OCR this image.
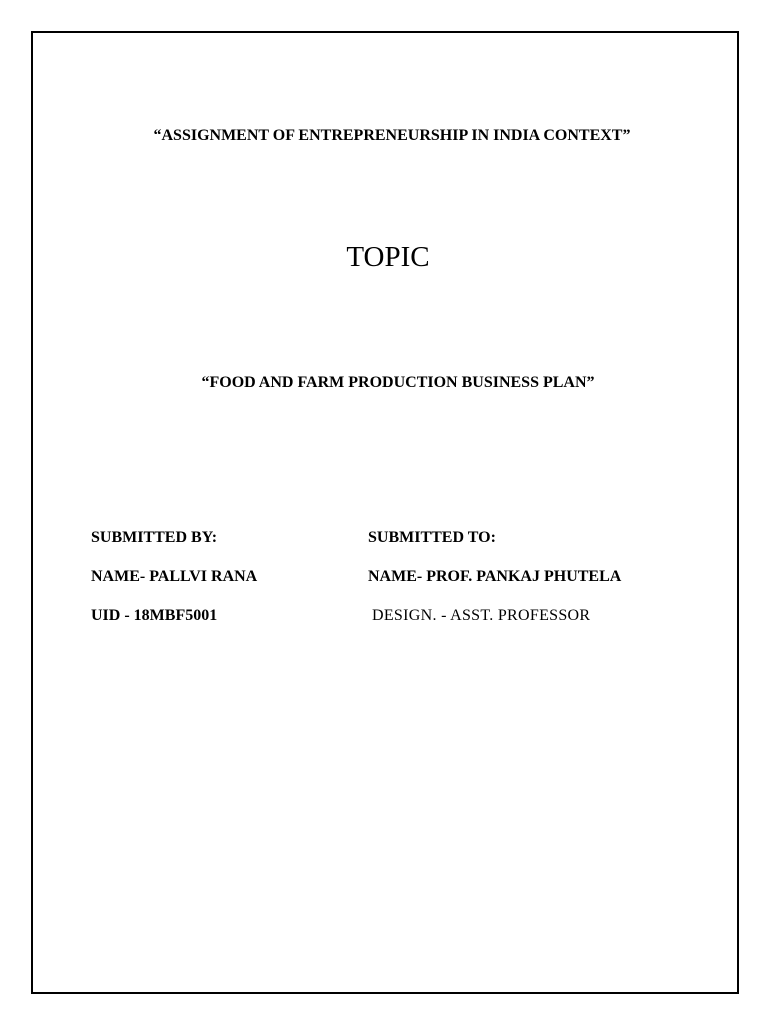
“ASSIGNMENT OF ENTREPRENEURSHIP IN INDIA CONTEXT”
TOPIC
“FOOD AND FARM PRODUCTION BUSINESS PLAN”
SUBMITTED BY:
NAME- PALLVI RANA
UID - 18MBF5001
SUBMITTED TO:
NAME- PROF. PANKAJ PHUTELA
DESIGN. - ASST. PROFESSOR
